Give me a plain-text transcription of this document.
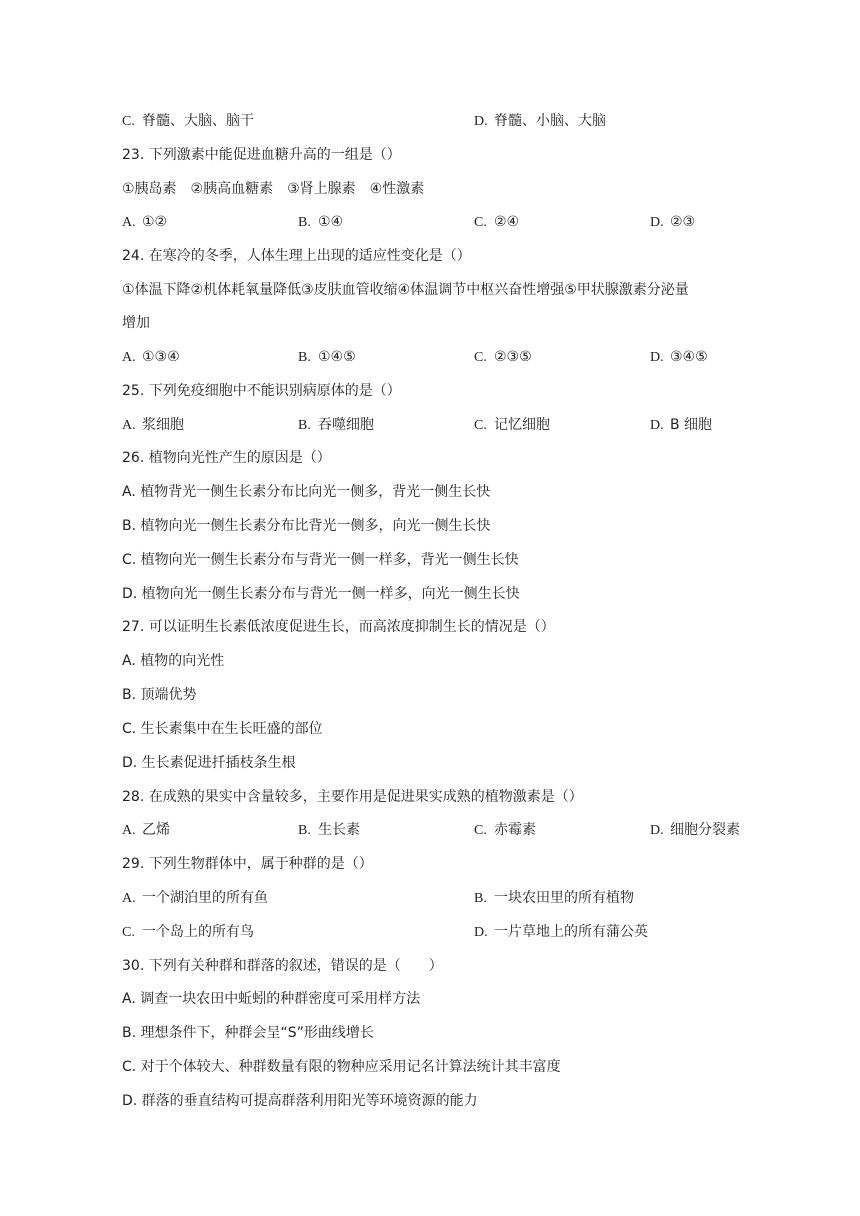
C. 脊髓、大脑、脑干	D. 脊髓、小脑、大脑
23. 下列激素中能促进血糖升高的一组是（）
①胰岛素　②胰高血糖素　③肾上腺素　④性激素
A. ①②	B. ①④	C. ②④	D. ②③
24. 在寒冷的冬季，人体生理上出现的适应性变化是（）
①体温下降②机体耗氧量降低③皮肤血管收缩④体温调节中枢兴奋性增强⑤甲状腺激素分泌量
增加
A. ①③④	B. ①④⑤	C. ②③⑤	D. ③④⑤
25. 下列免疫细胞中不能识别病原体的是（）
A. 浆细胞	B. 吞噬细胞	C. 记忆细胞	D. B 细胞
26. 植物向光性产生的原因是（）
A. 植物背光一侧生长素分布比向光一侧多，背光一侧生长快
B. 植物向光一侧生长素分布比背光一侧多，向光一侧生长快
C. 植物向光一侧生长素分布与背光一侧一样多，背光一侧生长快
D. 植物向光一侧生长素分布与背光一侧一样多，向光一侧生长快
27. 可以证明生长素低浓度促进生长，而高浓度抑制生长的情况是（）
A. 植物的向光性
B. 顶端优势
C. 生长素集中在生长旺盛的部位
D. 生长素促进扦插枝条生根
28. 在成熟的果实中含量较多，主要作用是促进果实成熟的植物激素是（）
A. 乙烯	B. 生长素	C. 赤霉素	D. 细胞分裂素
29. 下列生物群体中，属于种群的是（）
A. 一个湖泊里的所有鱼	B. 一块农田里的所有植物
C. 一个岛上的所有鸟	D. 一片草地上的所有蒲公英
30. 下列有关种群和群落的叙述，错误的是（　　）
A. 调查一块农田中蚯蚓的种群密度可采用样方法
B. 理想条件下，种群会呈“S”形曲线增长
C. 对于个体较大、种群数量有限的物种应采用记名计算法统计其丰富度
D. 群落的垂直结构可提高群落利用阳光等环境资源的能力
